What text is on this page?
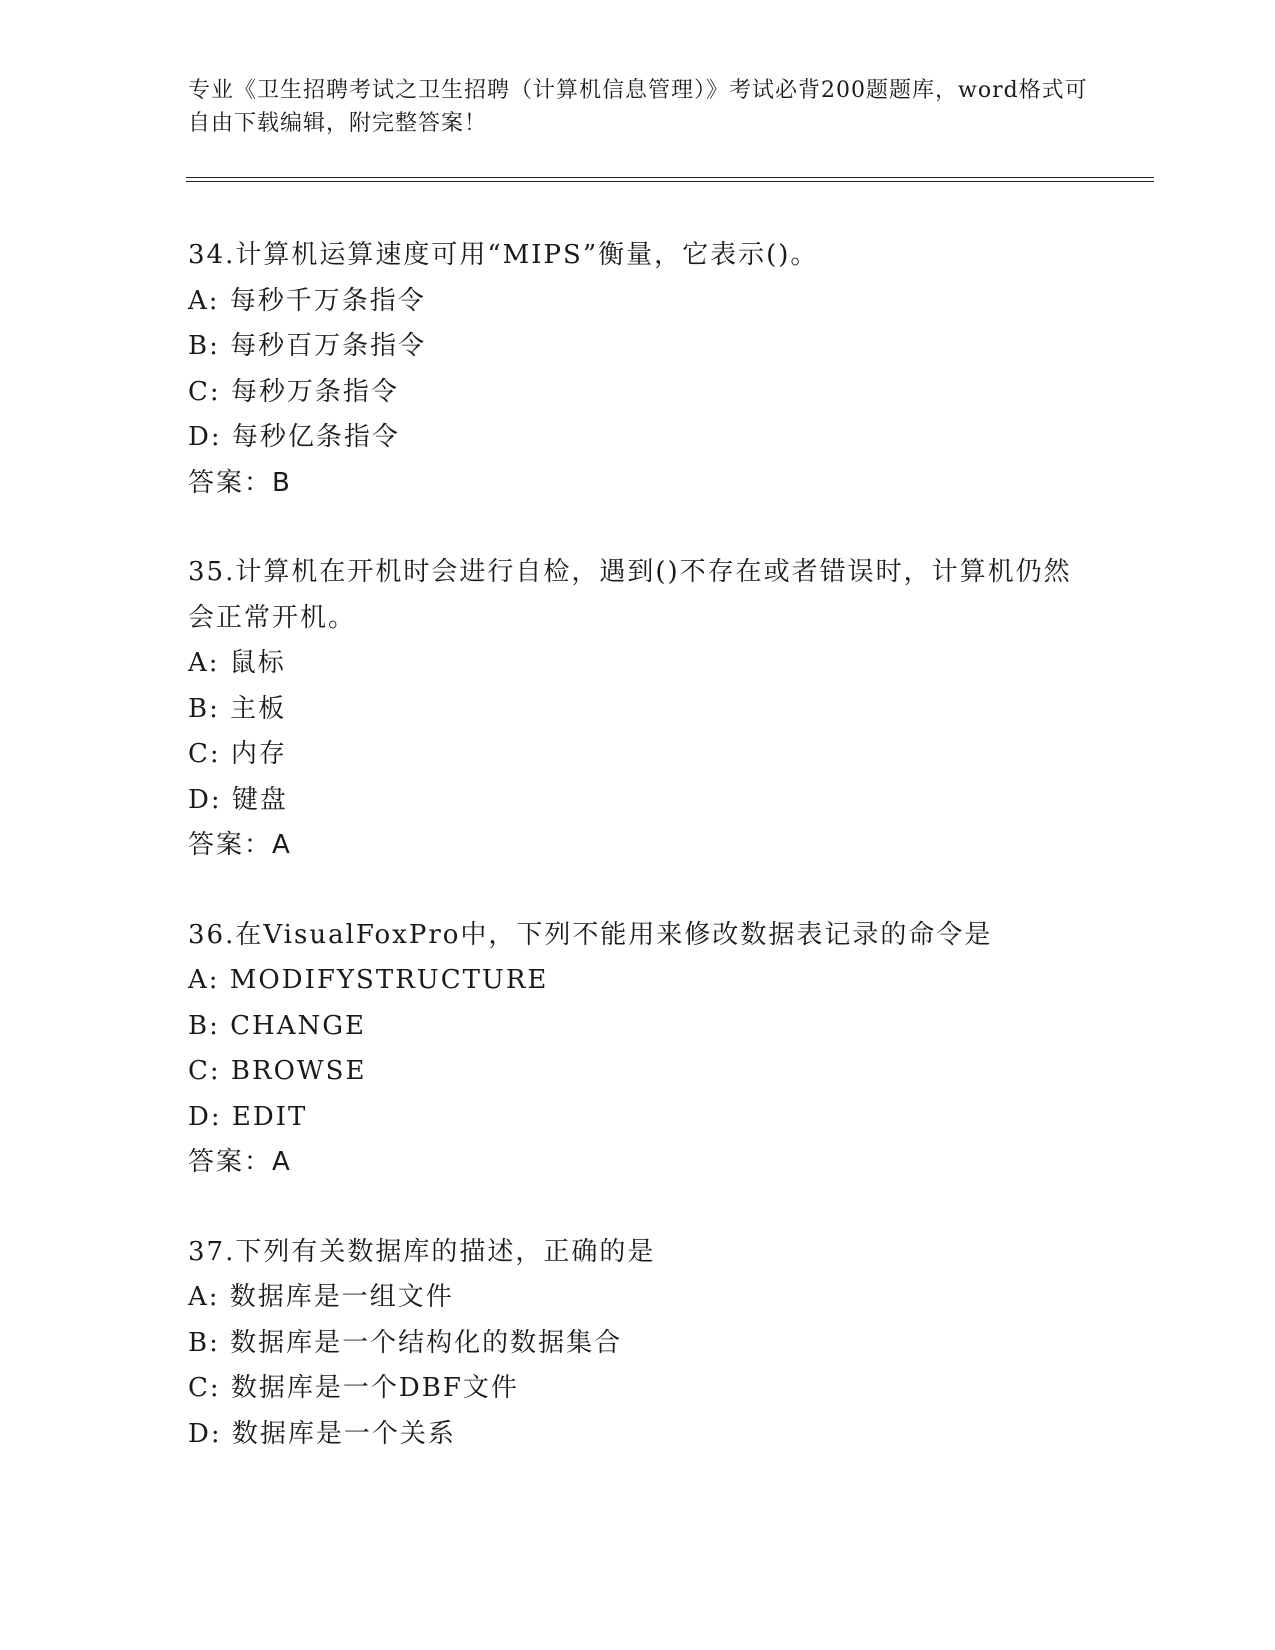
专业《卫生招聘考试之卫生招聘（计算机信息管理）》考试必背200题题库，word格式可自由下载编辑，附完整答案！
34.计算机运算速度可用“MIPS”衡量，它表示()。
A: 每秒千万条指令
B: 每秒百万条指令
C: 每秒万条指令
D: 每秒亿条指令
答案：B
35.计算机在开机时会进行自检，遇到()不存在或者错误时，计算机仍然会正常开机。
A: 鼠标
B: 主板
C: 内存
D: 键盘
答案：A
36.在VisualFoxPro中，下列不能用来修改数据表记录的命令是
A: MODIFYSTRUCTURE
B: CHANGE
C: BROWSE
D: EDIT
答案：A
37.下列有关数据库的描述，正确的是
A: 数据库是一组文件
B: 数据库是一个结构化的数据集合
C: 数据库是一个DBF文件
D: 数据库是一个关系
